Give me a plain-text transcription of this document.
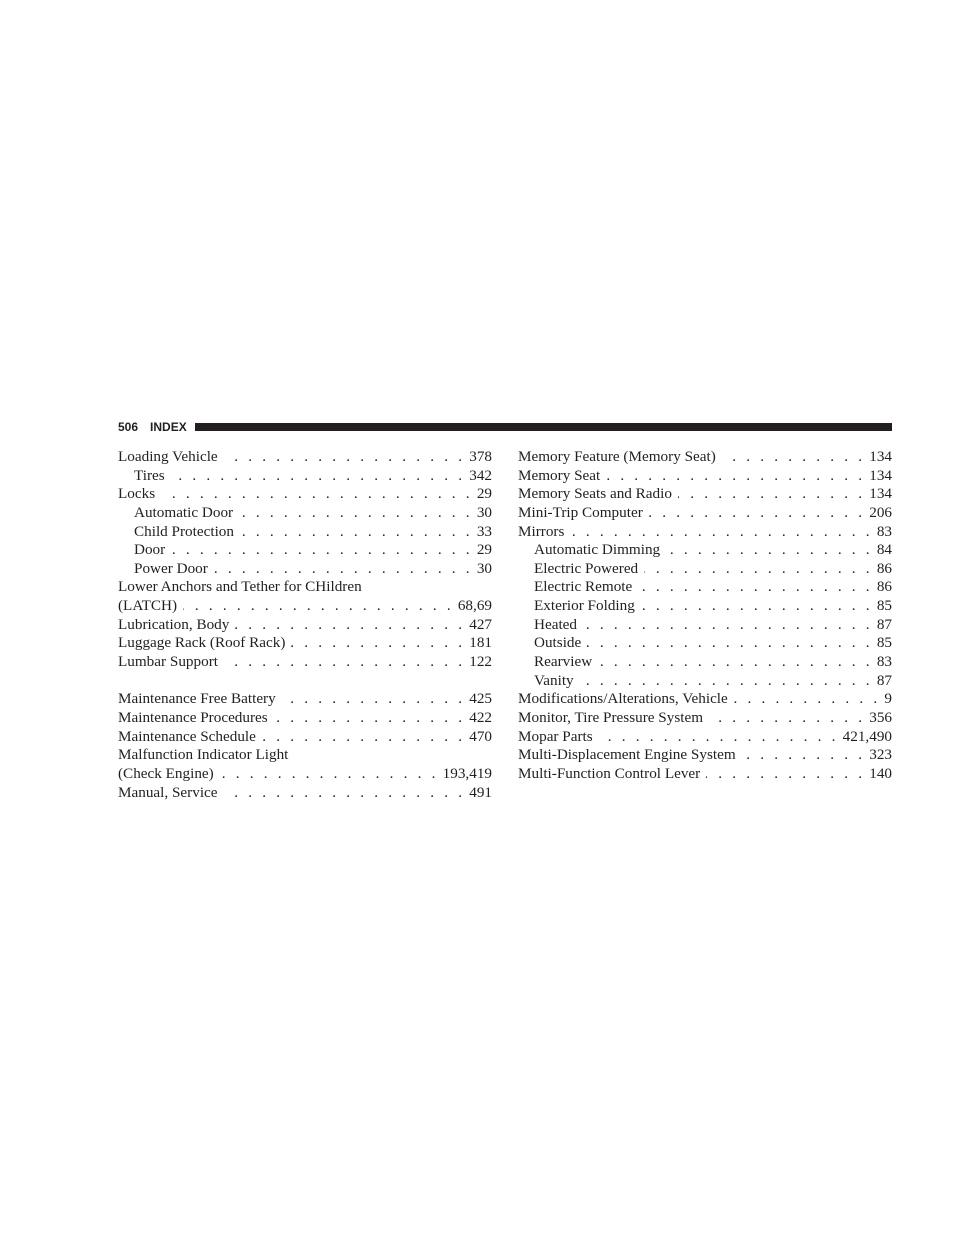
506 INDEX
Loading Vehicle . . .	378
Tires . . .	342
Locks . . .	29
Automatic Door . . .	30
Child Protection . . .	33
Door . . .	29
Power Door . . .	30
Lower Anchors and Tether for CHildren
(LATCH) . . .	68,69
Lubrication, Body . . .	427
Luggage Rack (Roof Rack) . . .	181
Lumbar Support . . .	122
Maintenance Free Battery . . .	425
Maintenance Procedures . . .	422
Maintenance Schedule . . .	470
Malfunction Indicator Light
(Check Engine) . . .	193,419
Manual, Service . . .	491
Memory Feature (Memory Seat) . . .	134
Memory Seat . . .	134
Memory Seats and Radio . . .	134
Mini-Trip Computer . . .	206
Mirrors . . .	83
Automatic Dimming . . .	84
Electric Powered . . .	86
Electric Remote . . .	86
Exterior Folding . . .	85
Heated . . .	87
Outside . . .	85
Rearview . . .	83
Vanity . . .	87
Modifications/Alterations, Vehicle . . .	9
Monitor, Tire Pressure System . . .	356
Mopar Parts . . .	421,490
Multi-Displacement Engine System . . .	323
Multi-Function Control Lever . . .	140
